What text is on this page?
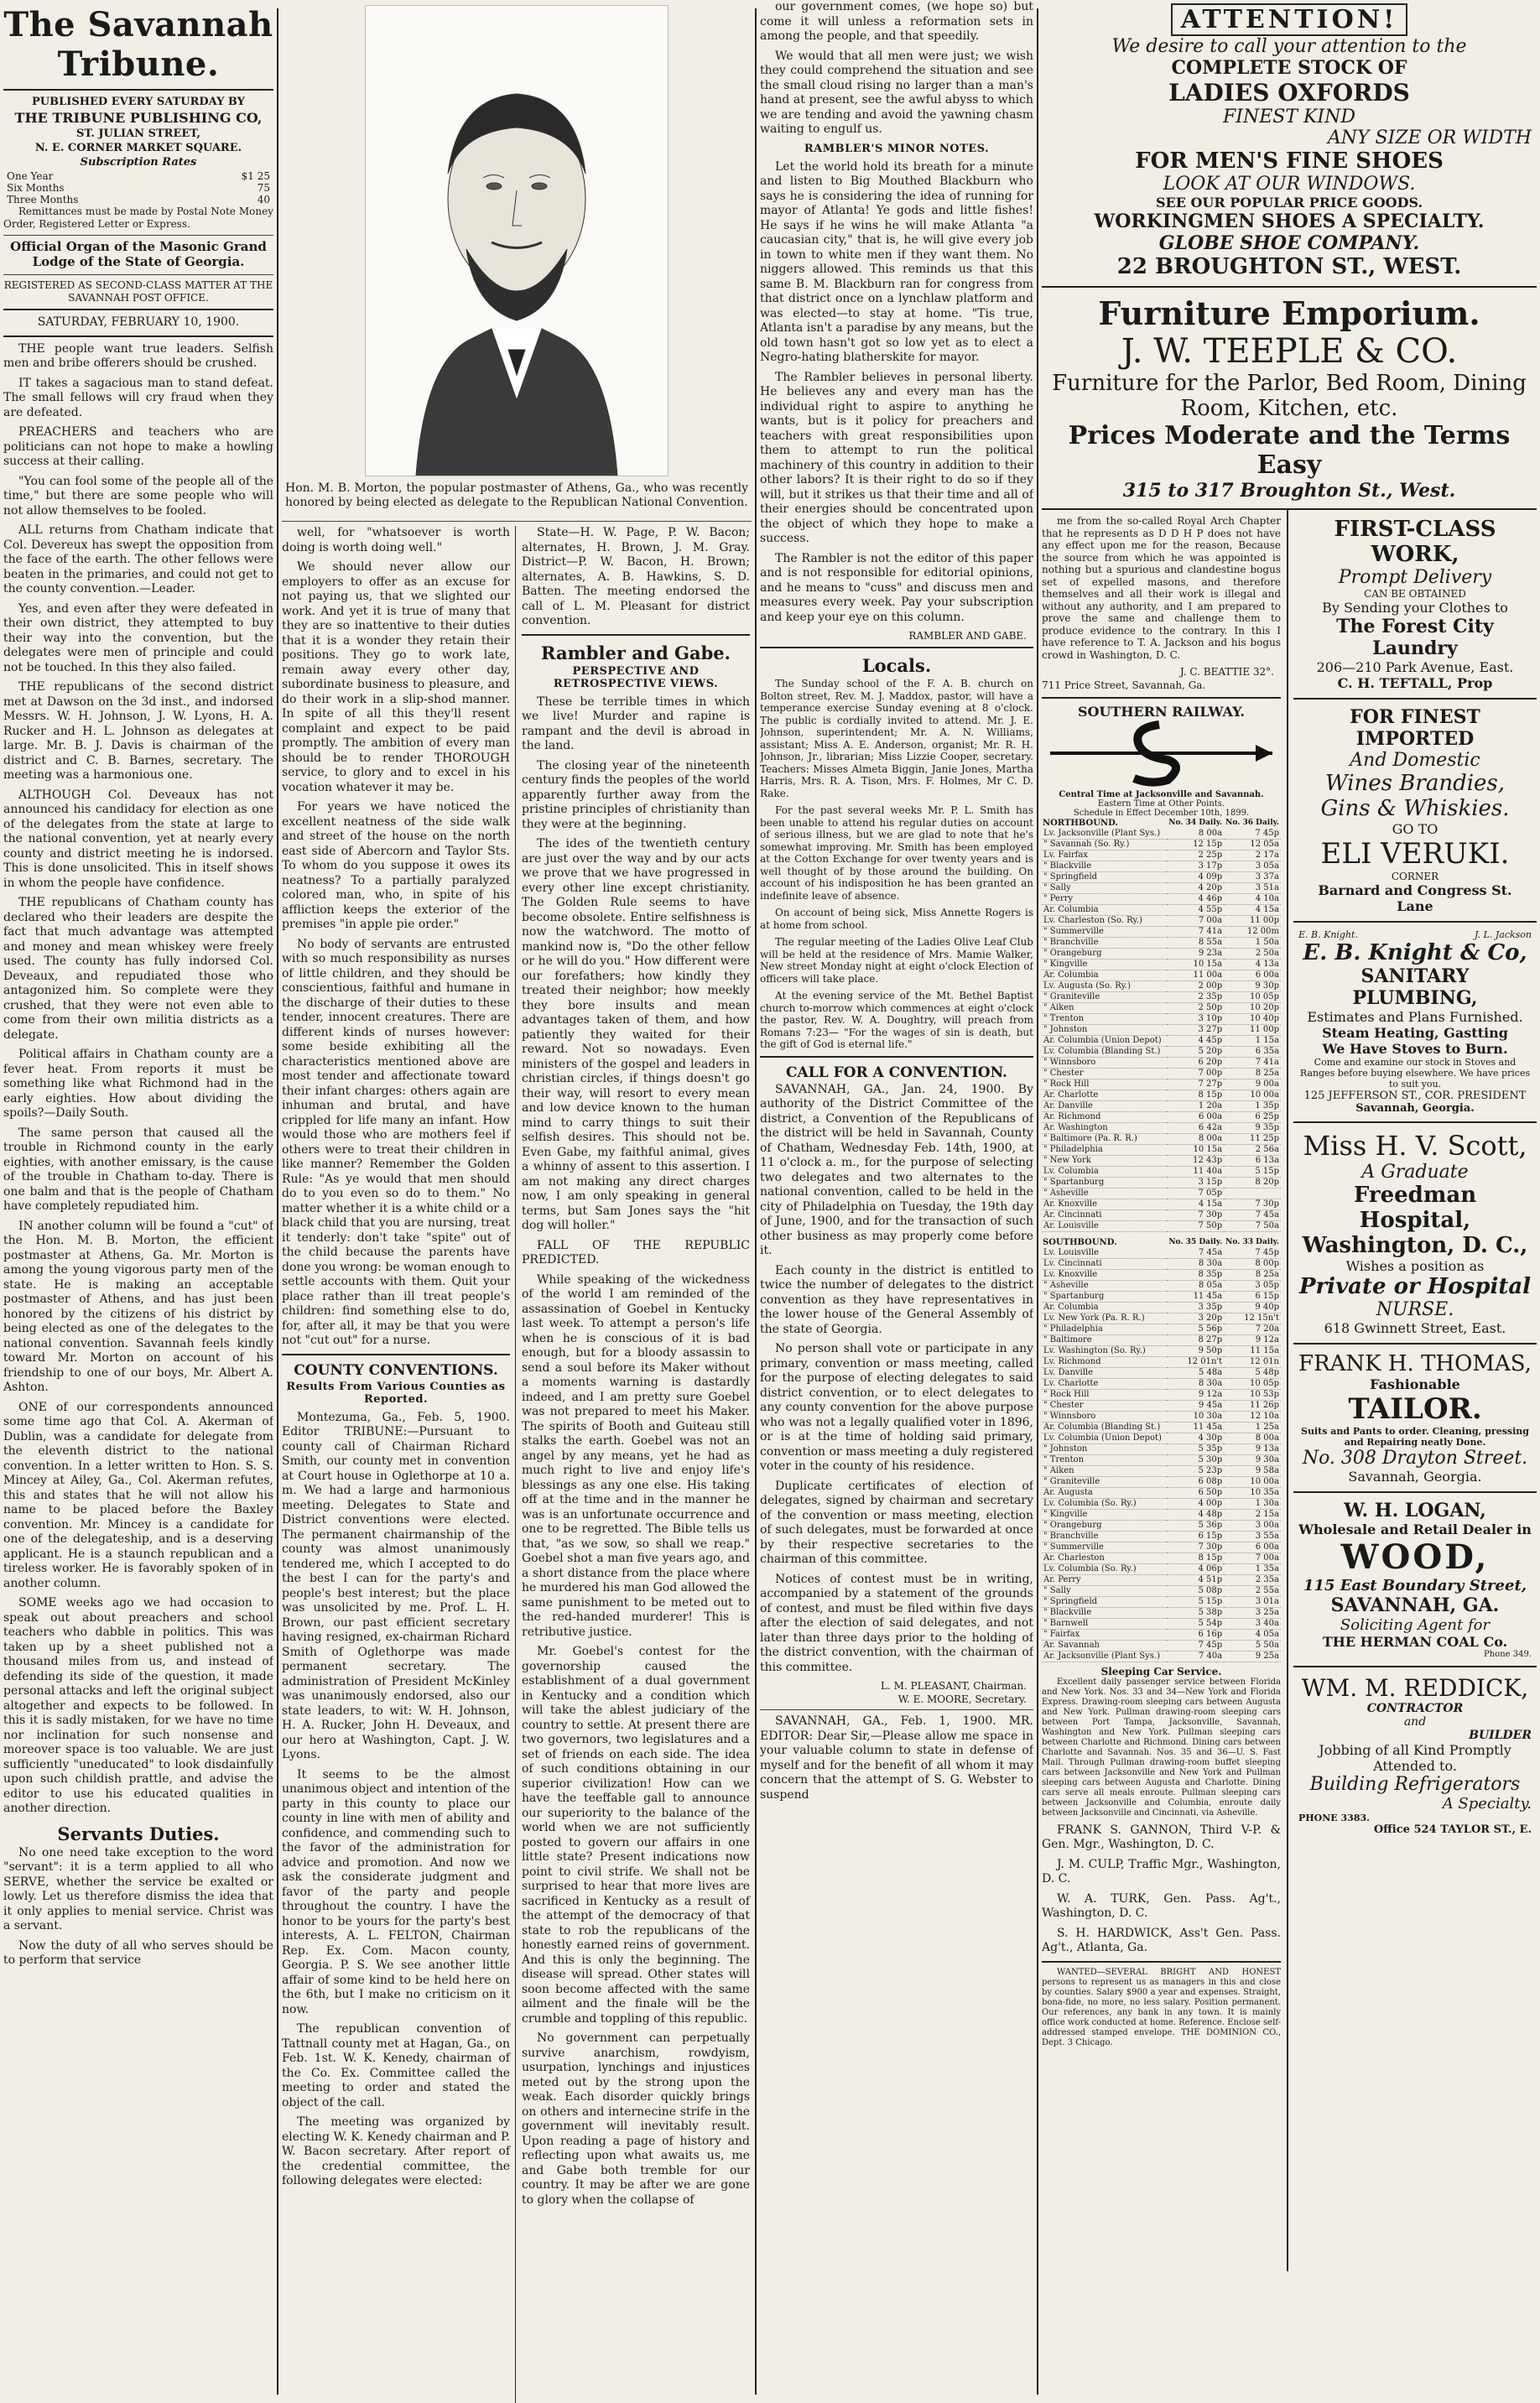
The Savannah Tribune.
PUBLISHED EVERY SATURDAY BY
THE TRIBUNE PUBLISHING CO,
ST. JULIAN STREET,
N. E. CORNER MARKET SQUARE.
Subscription Rates
One Year	$1 25
Six Months	75
Three Months	40

Remittances must be made by Postal Note Money Order, Registered Letter or Express.

Official Organ of the Masonic Grand Lodge of the State of Georgia.

REGISTERED AS SECOND-CLASS MATTER AT THE SAVANNAH POST OFFICE.

SATURDAY, FEBRUARY 10, 1900.

THE people want true leaders. Selfish men and bribe offerers should be crushed.

IT takes a sagacious man to stand defeat. The small fellows will cry fraud when they are defeated.

PREACHERS and teachers who are politicians can not hope to make a howling success at their calling.

"You can fool some of the people all of the time," but there are some people who will not allow themselves to be fooled.

ALL returns from Chatham indicate that Col. Devereux has swept the opposition from the face of the earth. The other fellows were beaten in the primaries, and could not get to the county convention.—Leader.

Yes, and even after they were defeated in their own district, they attempted to buy their way into the convention, but the delegates were men of principle and could not be touched. In this they also failed.

THE republicans of the second district met at Dawson on the 3d inst., and indorsed Messrs. W. H. Johnson, J. W. Lyons, H. A. Rucker and H. L. Johnson as delegates at large. Mr. B. J. Davis is chairman of the district and C. B. Barnes, secretary. The meeting was a harmonious one.

ALTHOUGH Col. Deveaux has not announced his candidacy for election as one of the delegates from the state at large to the national convention, yet at nearly every county and district meeting he is indorsed. This is done unsolicited. This in itself shows in whom the people have confidence.

THE republicans of Chatham county has declared who their leaders are despite the fact that much advantage was attempted and money and mean whiskey were freely used. The county has fully indorsed Col. Deveaux, and repudiated those who antagonized him. So complete were they crushed, that they were not even able to come from their own militia districts as a delegate.

Political affairs in Chatham county are a fever heat. From reports it must be something like what Richmond had in the early eighties. How about dividing the spoils?—Daily South.

The same person that caused all the trouble in Richmond county in the early eighties, with another emissary, is the cause of the trouble in Chatham to-day. There is one balm and that is the people of Chatham have completely repudiated him.

IN another column will be found a "cut" of the Hon. M. B. Morton, the efficient postmaster at Athens, Ga. Mr. Morton is among the young vigorous party men of the state. He is making an acceptable postmaster of Athens, and has just been honored by the citizens of his district by being elected as one of the delegates to the national convention. Savannah feels kindly toward Mr. Morton on account of his friendship to one of our boys, Mr. Albert A. Ashton.

ONE of our correspondents announced some time ago that Col. A. Akerman of Dublin, was a candidate for delegate from the eleventh district to the national convention. In a letter written to Hon. S. S. Mincey at Ailey, Ga., Col. Akerman refutes, this and states that he will not allow his name to be placed before the Baxley convention. Mr. Mincey is a candidate for one of the delegateship, and is a deserving applicant. He is a staunch republican and a tireless worker. He is favorably spoken of in another column.

SOME weeks ago we had occasion to speak out about preachers and school teachers who dabble in politics. This was taken up by a sheet published not a thousand miles from us, and instead of defending its side of the question, it made personal attacks and left the original subject altogether and expects to be followed. In this it is sadly mistaken, for we have no time nor inclination for such nonsense and moreover space is too valuable. We are just sufficiently "uneducated" to look disdainfully upon such childish prattle, and advise the editor to use his educated qualities in another direction.

Servants Duties.

No one need take exception to the word "servant": it is a term applied to all who SERVE, whether the service be exalted or lowly. Let us therefore dismiss the idea that it only applies to menial service. Christ was a servant.

Now the duty of all who serves should be to perform that service

Hon. M. B. Morton, the popular postmaster of Athens, Ga., who was recently honored by being elected as delegate to the Republican National Convention.

well, for "whatsoever is worth doing is worth doing well."

We should never allow our employers to offer as an excuse for not paying us, that we slighted our work. And yet it is true of many that they are so inattentive to their duties that it is a wonder they retain their positions. They go to work late, remain away every other day, subordinate business to pleasure, and do their work in a slip-shod manner. In spite of all this they'll resent complaint and expect to be paid promptly. The ambition of every man should be to render THOROUGH service, to glory and to excel in his vocation whatever it may be.

For years we have noticed the excellent neatness of the side walk and street of the house on the north east side of Abercorn and Taylor Sts. To whom do you suppose it owes its neatness? To a partially paralyzed colored man, who, in spite of his affliction keeps the exterior of the premises "in apple pie order."

No body of servants are entrusted with so much responsibility as nurses of little children, and they should be conscientious, faithful and humane in the discharge of their duties to these tender, innocent creatures. There are different kinds of nurses however: some beside exhibiting all the characteristics mentioned above are most tender and affectionate toward their infant charges: others again are inhuman and brutal, and have crippled for life many an infant. How would those who are mothers feel if others were to treat their children in like manner? Remember the Golden Rule: "As ye would that men should do to you even so do to them." No matter whether it is a white child or a black child that you are nursing, treat it tenderly: don't take "spite" out of the child because the parents have done you wrong: be woman enough to settle accounts with them. Quit your place rather than ill treat people's children: find something else to do, for, after all, it may be that you were not "cut out" for a nurse.

COUNTY CONVENTIONS.
Results From Various Counties as Reported.

Montezuma, Ga., Feb. 5, 1900. Editor TRIBUNE:—Pursuant to county call of Chairman Richard Smith, our county met in convention at Court house in Oglethorpe at 10 a. m. We had a large and harmonious meeting. Delegates to State and District conventions were elected. The permanent chairmanship of the county was almost unanimously tendered me, which I accepted to do the best I can for the party's and people's best interest; but the place was unsolicited by me. Prof. L. H. Brown, our past efficient secretary having resigned, ex-chairman Richard Smith of Oglethorpe was made permanent secretary. The administration of President McKinley was unanimously endorsed, also our state leaders, to wit: W. H. Johnson, H. A. Rucker, John H. Deveaux, and our hero at Washington, Capt. J. W. Lyons.

It seems to be the almost unanimous object and intention of the party in this county to place our county in line with men of ability and confidence, and commending such to the favor of the administration for advice and promotion. And now we ask the considerate judgment and favor of the party and people throughout the country. I have the honor to be yours for the party's best interests, A. L. FELTON, Chairman Rep. Ex. Com. Macon county, Georgia. P. S. We see another little affair of some kind to be held here on the 6th, but I make no criticism on it now.

The republican convention of Tattnall county met at Hagan, Ga., on Feb. 1st. W. K. Kenedy, chairman of the Co. Ex. Committee called the meeting to order and stated the object of the call.

The meeting was organized by electing W. K. Kenedy chairman and P. W. Bacon secretary. After report of the credential committee, the following delegates were elected:

State—H. W. Page, P. W. Bacon; alternates, H. Brown, J. M. Gray. District—P. W. Bacon, H. Brown; alternates, A. B. Hawkins, S. D. Batten. The meeting endorsed the call of L. M. Pleasant for district convention.

Rambler and Gabe.
PERSPECTIVE AND RETROSPECTIVE VIEWS.

These be terrible times in which we live! Murder and rapine is rampant and the devil is abroad in the land.

The closing year of the nineteenth century finds the peoples of the world apparently further away from the pristine principles of christianity than they were at the beginning.

The ides of the twentieth century are just over the way and by our acts we prove that we have progressed in every other line except christianity. The Golden Rule seems to have become obsolete. Entire selfishness is now the watchword. The motto of mankind now is, "Do the other fellow or he will do you." How different were our forefathers; how kindly they treated their neighbor; how meekly they bore insults and mean advantages taken of them, and how patiently they waited for their reward. Not so nowadays. Even ministers of the gospel and leaders in christian circles, if things doesn't go their way, will resort to every mean and low device known to the human mind to carry things to suit their selfish desires. This should not be. Even Gabe, my faithful animal, gives a whinny of assent to this assertion. I am not making any direct charges now, I am only speaking in general terms, but Sam Jones says the "hit dog will holler."

FALL OF THE REPUBLIC PREDICTED.

While speaking of the wickedness of the world I am reminded of the assassination of Goebel in Kentucky last week. To attempt a person's life when he is conscious of it is bad enough, but for a bloody assassin to send a soul before its Maker without a moments warning is dastardly indeed, and I am pretty sure Goebel was not prepared to meet his Maker. The spirits of Booth and Guiteau still stalks the earth. Goebel was not an angel by any means, yet he had as much right to live and enjoy life's blessings as any one else. His taking off at the time and in the manner he was is an unfortunate occurrence and one to be regretted. The Bible tells us that, "as we sow, so shall we reap." Goebel shot a man five years ago, and a short distance from the place where he murdered his man God allowed the same punishment to be meted out to the red-handed murderer! This is retributive justice.

Mr. Goebel's contest for the governorship caused the establishment of a dual government in Kentucky and a condition which will take the ablest judiciary of the country to settle. At present there are two governors, two legislatures and a set of friends on each side. The idea of such conditions obtaining in our superior civilization! How can we have the teeffable gall to announce our superiority to the balance of the world when we are not sufficiently posted to govern our affairs in one little state? Present indications now point to civil strife. We shall not be surprised to hear that more lives are sacrificed in Kentucky as a result of the attempt of the democracy of that state to rob the republicans of the honestly earned reins of government. And this is only the beginning. The disease will spread. Other states will soon become affected with the same ailment and the finale will be the crumble and toppling of this republic.

No government can perpetually survive anarchism, rowdyism, usurpation, lynchings and injustices meted out by the strong upon the weak. Each disorder quickly brings on others and internecine strife in the government will inevitably result. Upon reading a page of history and reflecting upon what awaits us, me and Gabe both tremble for our country. It may be after we are gone to glory when the collapse of

our government comes, (we hope so) but come it will unless a reformation sets in among the people, and that speedily.

We would that all men were just; we wish they could comprehend the situation and see the small cloud rising no larger than a man's hand at present, see the awful abyss to which we are tending and avoid the yawning chasm waiting to engulf us.

RAMBLER'S MINOR NOTES.

Let the world hold its breath for a minute and listen to Big Mouthed Blackburn who says he is considering the idea of running for mayor of Atlanta! Ye gods and little fishes! He says if he wins he will make Atlanta "a caucasian city," that is, he will give every job in town to white men if they want them. No niggers allowed. This reminds us that this same B. M. Blackburn ran for congress from that district once on a lynchlaw platform and was elected—to stay at home. "Tis true, Atlanta isn't a paradise by any means, but the old town hasn't got so low yet as to elect a Negro-hating blatherskite for mayor.

The Rambler believes in personal liberty. He believes any and every man has the individual right to aspire to anything he wants, but is it policy for preachers and teachers with great responsibilities upon them to attempt to run the political machinery of this country in addition to their other labors? It is their right to do so if they will, but it strikes us that their time and all of their energies should be concentrated upon the object of which they hope to make a success.

The Rambler is not the editor of this paper and is not responsible for editorial opinions, and he means to "cuss" and discuss men and measures every week. Pay your subscription and keep your eye on this column.

RAMBLER AND GABE.
Locals.

The Sunday school of the F. A. B. church on Bolton street, Rev. M. J. Maddox, pastor, will have a temperance exercise Sunday evening at 8 o'clock. The public is cordially invited to attend. Mr. J. E. Johnson, superintendent; Mr. A. N. Williams, assistant; Miss A. E. Anderson, organist; Mr. R. H. Johnson, Jr., librarian; Miss Lizzie Cooper, secretary. Teachers: Misses Almeta Biggin, Janie Jones, Martha Harris, Mrs. R. A. Tison, Mrs. F. Holmes, Mr C. D. Rake.

For the past several weeks Mr. P. L. Smith has been unable to attend his regular duties on account of serious illness, but we are glad to note that he's somewhat improving. Mr. Smith has been employed at the Cotton Exchange for over twenty years and is well thought of by those around the building. On account of his indisposition he has been granted an indefinite leave of absence.

On account of being sick, Miss Annette Rogers is at home from school.

The regular meeting of the Ladies Olive Leaf Club will be held at the residence of Mrs. Mamie Walker, New street Monday night at eight o'clock Election of officers will take place.

At the evening service of the Mt. Bethel Baptist church to-morrow which commences at eight o'clock the pastor, Rev. W. A. Doughtry, will preach from Romans 7:23— "For the wages of sin is death, but the gift of God is eternal life."

CALL FOR A CONVENTION.

SAVANNAH, GA., Jan. 24, 1900. By authority of the District Committee of the district, a Convention of the Republicans of the district will be held in Savannah, County of Chatham, Wednesday Feb. 14th, 1900, at 11 o'clock a. m., for the purpose of selecting two delegates and two alternates to the national convention, called to be held in the city of Philadelphia on Tuesday, the 19th day of June, 1900, and for the transaction of such other business as may properly come before it.

Each county in the district is entitled to twice the number of delegates to the district convention as they have representatives in the lower house of the General Assembly of the state of Georgia.

No person shall vote or participate in any primary, convention or mass meeting, called for the purpose of electing delegates to said district convention, or to elect delegates to any county convention for the above purpose who was not a legally qualified voter in 1896, or is at the time of holding said primary, convention or mass meeting a duly registered voter in the county of his residence.

Duplicate certificates of election of delegates, signed by chairman and secretary of the convention or mass meeting, election of such delegates, must be forwarded at once by their respective secretaries to the chairman of this committee.

Notices of contest must be in writing, accompanied by a statement of the grounds of contest, and must be filed within five days after the election of said delegates, and not later than three days prior to the holding of the district convention, with the chairman of this committee.

L. M. PLEASANT, Chairman.
W. E. MOORE, Secretary.

SAVANNAH, GA., Feb. 1, 1900. MR. EDITOR: Dear Sir,—Please allow me space in your valuable column to state in defense of myself and for the benefit of all whom it may concern that the attempt of S. G. Webster to suspend

ATTENTION!
We desire to call your attention to the
COMPLETE STOCK OF
LADIES OXFORDS
FINEST KIND
ANY SIZE OR WIDTH
FOR MEN'S FINE SHOES
LOOK AT OUR WINDOWS.
SEE OUR POPULAR PRICE GOODS.
WORKINGMEN SHOES A SPECIALTY.
GLOBE SHOE COMPANY.
22 BROUGHTON ST., WEST.
Furniture Emporium.
J. W. TEEPLE & CO.
Furniture for the Parlor, Bed Room, Dining Room, Kitchen, etc.
Prices Moderate and the Terms Easy
315 to 317 Broughton St., West.

me from the so-called Royal Arch Chapter that he represents as D D H P does not have any effect upon me for the reason, Because the source from which he was appointed is nothing but a spurious and clandestine bogus set of expelled masons, and therefore themselves and all their work is illegal and without any authority, and I am prepared to prove the same and challenge them to produce evidence to the contrary. In this I have reference to T. A. Jackson and his bogus crowd in Washington, D. C.

J. C. BEATTIE 32°.

711 Price Street, Savannah, Ga.

SOUTHERN RAILWAY.
Central Time at Jacksonville and Savannah.
Eastern Time at Other Points.
Schedule in Effect December 10th, 1899.
NORTHBOUND.	No. 34 Daily.	No. 36 Daily.
Lv. Jacksonville (Plant Sys.)	8 00a	7 45p
" Savannah (So. Ry.)	12 15p	12 05a
Lv. Fairfax	2 25p	2 17a
" Blackville	3 17p	3 05a
" Springfield	4 09p	3 37a
" Sally	4 20p	3 51a
" Perry	4 46p	4 10a
Ar. Columbia	4 55p	4 15a
Lv. Charleston (So. Ry.)	7 00a	11 00p
" Summerville	7 41a	12 00m
" Branchville	8 55a	1 50a
" Orangeburg	9 23a	2 50a
" Kingville	10 15a	4 13a
Ar. Columbia	11 00a	6 00a
Lv. Augusta (So. Ry.)	2 00p	9 30p
" Graniteville	2 35p	10 05p
" Aiken	2 50p	10 20p
" Trenton	3 10p	10 40p
" Johnston	3 27p	11 00p
Ar. Columbia (Union Depot)	4 45p	1 15a
Lv. Columbia (Blanding St.)	5 20p	6 35a
" Winnsboro	6 20p	7 41a
" Chester	7 00p	8 25a
" Rock Hill	7 27p	9 00a
Ar. Charlotte	8 15p	10 00a
Ar. Danville	1 20a	1 35p
Ar. Richmond	6 00a	6 25p
Ar. Washington	6 42a	9 35p
" Baltimore (Pa. R. R.)	8 00a	11 25p
" Philadelphia	10 15a	2 56a
" New York	12 43p	6 13a
Lv. Columbia	11 40a	5 15p
" Spartanburg	3 15p	8 20p
" Asheville	7 05p	
Ar. Knoxville	4 15a	7 30p
Ar. Cincinnati	7 30p	7 45a
Ar. Louisville	7 50p	7 50a
SOUTHBOUND.	No. 35 Daily.	No. 33 Daily.
Lv. Louisville	7 45a	7 45p
Lv. Cincinnati	8 30a	8 00p
Lv. Knoxville	8 35p	8 25a
" Asheville	8 05a	3 05p
" Spartanburg	11 45a	6 15p
Ar. Columbia	3 35p	9 40p
Lv. New York (Pa. R. R.)	3 20p	12 15n't
" Philadelphia	5 56p	7 20a
" Baltimore	8 27p	9 12a
Lv. Washington (So. Ry.)	9 50p	11 15a
Lv. Richmond	12 01n't	12 01n
Lv. Danville	5 48a	5 48p
Lv. Charlotte	8 30a	10 05p
" Rock Hill	9 12a	10 53p
" Chester	9 45a	11 26p
" Winnsboro	10 30a	12 10a
Ar. Columbia (Blanding St.)	11 45a	1 25a
Lv. Columbia (Union Depot)	4 30p	8 00a
" Johnston	5 35p	9 13a
" Trenton	5 30p	9 30a
" Aiken	5 23p	9 58a
" Graniteville	6 08p	10 00a
Ar. Augusta	6 50p	10 35a
Lv. Columbia (So. Ry.)	4 00p	1 30a
" Kingville	4 48p	2 15a
" Orangeburg	5 36p	3 00a
" Branchville	6 15p	3 55a
" Summerville	7 30p	6 00a
Ar. Charleston	8 15p	7 00a
Lv. Columbia (So. Ry.)	4 06p	1 35a
Ar. Perry	4 51p	2 35a
" Sally	5 08p	2 55a
" Springfield	5 15p	3 01a
" Blackville	5 38p	3 25a
" Barnwell	5 54p	3 40a
" Fairfax	6 16p	4 05a
Ar. Savannah	7 45p	5 50a
Ar. Jacksonville (Plant Sys.)	7 40a	9 25a
Sleeping Car Service.

Excellent daily passenger service between Florida and New York. Nos. 33 and 34—New York and Florida Express. Drawing-room sleeping cars between Augusta and New York. Pullman drawing-room sleeping cars between Port Tampa, Jacksonville, Savannah, Washington and New York. Pullman sleeping cars between Charlotte and Richmond. Dining cars between Charlotte and Savannah. Nos. 35 and 36—U. S. Fast Mail. Through Pullman drawing-room buffet sleeping cars between Jacksonville and New York and Pullman sleeping cars between Augusta and Charlotte. Dining cars serve all meals enroute. Pullman sleeping cars between Jacksonville and Columbia, enroute daily between Jacksonville and Cincinnati, via Asheville.

FRANK S. GANNON, Third V-P. & Gen. Mgr., Washington, D. C.

J. M. CULP, Traffic Mgr., Washington, D. C.

W. A. TURK, Gen. Pass. Ag't., Washington, D. C.

S. H. HARDWICK, Ass't Gen. Pass. Ag't., Atlanta, Ga.

WANTED—SEVERAL BRIGHT AND HONEST persons to represent us as managers in this and close by counties. Salary $900 a year and expenses. Straight, bona-fide, no more, no less salary. Position permanent. Our references, any bank in any town. It is mainly office work conducted at home. Reference. Enclose self-addressed stamped envelope. THE DOMINION CO., Dept. 3 Chicago.

FIRST-CLASS WORK,
Prompt Delivery
CAN BE OBTAINED
By Sending your Clothes to
The Forest City Laundry
206—210 Park Avenue, East.
C. H. TEFTALL, Prop
FOR FINEST IMPORTED
And Domestic
Wines Brandies,
Gins & Whiskies.
GO TO
ELI VERUKI.
CORNER
Barnard and Congress St. Lane
E. B. Knight.	J. L. Jackson
E. B. Knight & Co,
SANITARY PLUMBING,
Estimates and Plans Furnished.
Steam Heating, Gastting
We Have Stoves to Burn.
Come and examine our stock in Stoves and Ranges before buying elsewhere. We have prices to suit you.
125 JEFFERSON ST., COR. PRESIDENT
Savannah, Georgia.
Miss H. V. Scott,
A Graduate
Freedman Hospital,
Washington, D. C.,
Wishes a position as
Private or Hospital
NURSE.
618 Gwinnett Street, East.
FRANK H. THOMAS,
Fashionable
TAILOR.
Suits and Pants to order. Cleaning, pressing and Repairing neatly Done.
No. 308 Drayton Street.
Savannah, Georgia.
W. H. LOGAN,
Wholesale and Retail Dealer in
WOOD,
115 East Boundary Street,
SAVANNAH, GA.
Soliciting Agent for
THE HERMAN COAL Co.
Phone 349.
WM. M. REDDICK,
CONTRACTOR
and
BUILDER
Jobbing of all Kind Promptly Attended to.
Building Refrigerators
A Specialty.
PHONE 3383.
Office 524 TAYLOR ST., E.
